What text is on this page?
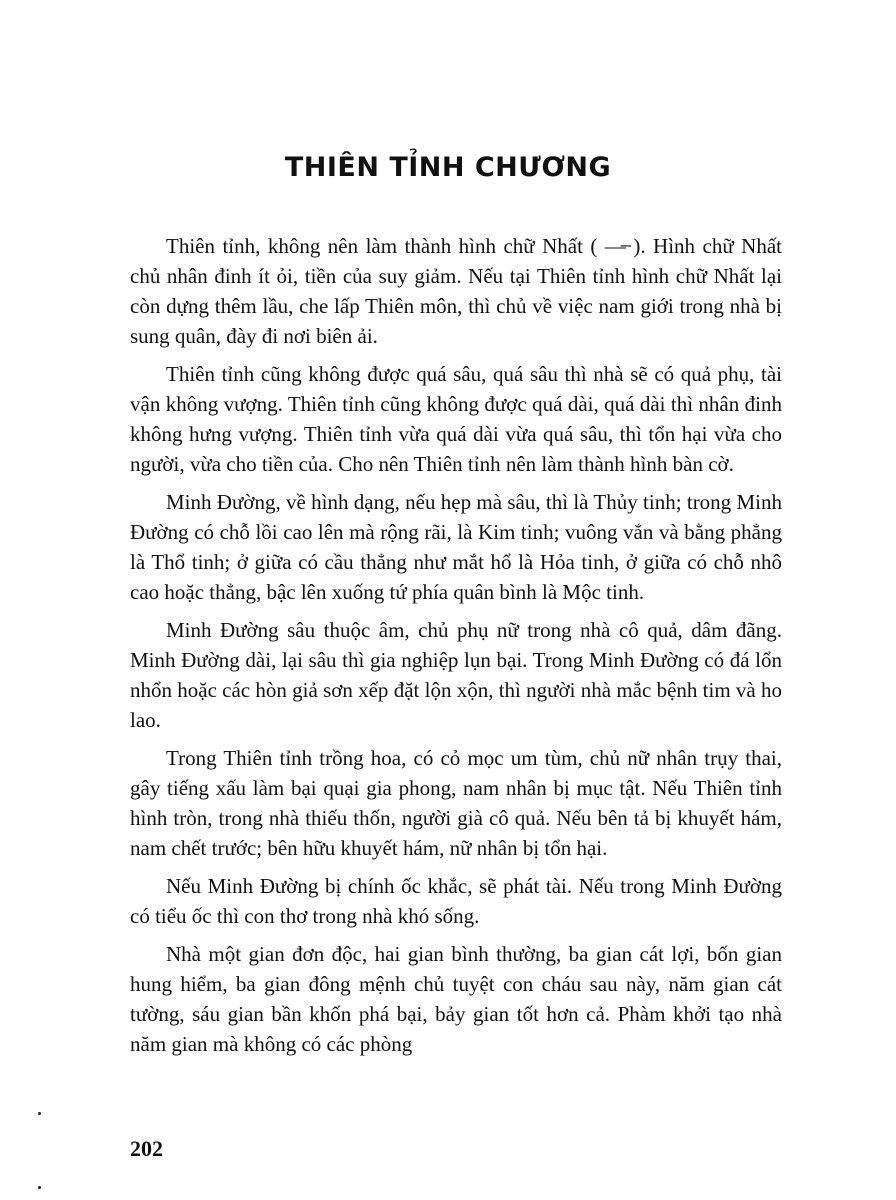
THIÊN TỈNH CHƯƠNG

Thiên tỉnh, không nên làm thành hình chữ Nhất ( —̶ ). Hình chữ Nhất chủ nhân đinh ít ỏi, tiền của suy giảm. Nếu tại Thiên tỉnh hình chữ Nhất lại còn dựng thêm lầu, che lấp Thiên môn, thì chủ về việc nam giới trong nhà bị sung quân, đày đi nơi biên ải.

Thiên tỉnh cũng không được quá sâu, quá sâu thì nhà sẽ có quả phụ, tài vận không vượng. Thiên tỉnh cũng không được quá dài, quá dài thì nhân đinh không hưng vượng. Thiên tỉnh vừa quá dài vừa quá sâu, thì tổn hại vừa cho người, vừa cho tiền của. Cho nên Thiên tỉnh nên làm thành hình bàn cờ.

Minh Đường, về hình dạng, nếu hẹp mà sâu, thì là Thủy tinh; trong Minh Đường có chỗ lồi cao lên mà rộng rãi, là Kim tinh; vuông vắn và bằng phẳng là Thổ tinh; ở giữa có cầu thẳng như mắt hổ là Hỏa tinh, ở giữa có chỗ nhô cao hoặc thẳng, bậc lên xuống tứ phía quân bình là Mộc tinh.

Minh Đường sâu thuộc âm, chủ phụ nữ trong nhà cô quả, dâm đãng. Minh Đường dài, lại sâu thì gia nghiệp lụn bại. Trong Minh Đường có đá lổn nhổn hoặc các hòn giả sơn xếp đặt lộn xộn, thì người nhà mắc bệnh tim và ho lao.

Trong Thiên tỉnh trồng hoa, có cỏ mọc um tùm, chủ nữ nhân trụy thai, gây tiếng xấu làm bại quại gia phong, nam nhân bị mục tật. Nếu Thiên tỉnh hình tròn, trong nhà thiếu thốn, người già cô quả. Nếu bên tả bị khuyết hám, nam chết trước; bên hữu khuyết hám, nữ nhân bị tổn hại.

Nếu Minh Đường bị chính ốc khắc, sẽ phát tài. Nếu trong Minh Đường có tiểu ốc thì con thơ trong nhà khó sống.

Nhà một gian đơn độc, hai gian bình thường, ba gian cát lợi, bốn gian hung hiểm, ba gian đông mệnh chủ tuyệt con cháu sau này, năm gian cát tường, sáu gian bần khốn phá bại, bảy gian tốt hơn cả. Phàm khởi tạo nhà năm gian mà không có các phòng

202
